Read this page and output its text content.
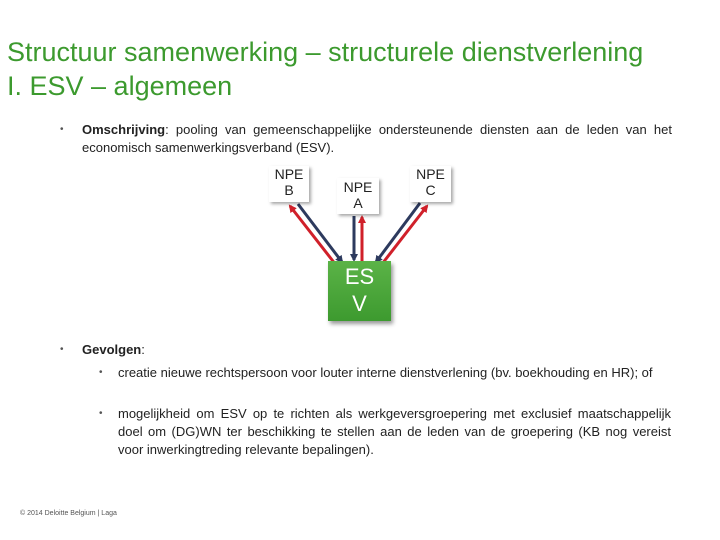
Structuur samenwerking – structurele dienstverlening
I. ESV – algemeen
• Omschrijving: pooling van gemeenschappelijke ondersteunende diensten aan de leden van het economisch samenwerkingsverband (ESV).
NPE
B	NPE
A
NPE
C
ES
V
• Gevolgen:
• creatie nieuwe rechtspersoon voor louter interne dienstverlening (bv. boekhouding en HR); of
• mogelijkheid om ESV op te richten als werkgeversgroepering met exclusief maatschappelijk doel om (DG)WN ter beschikking te stellen aan de leden van de groepering (KB nog vereist voor inwerkingtreding relevante bepalingen).
© 2014 Deloitte Belgium | Laga
